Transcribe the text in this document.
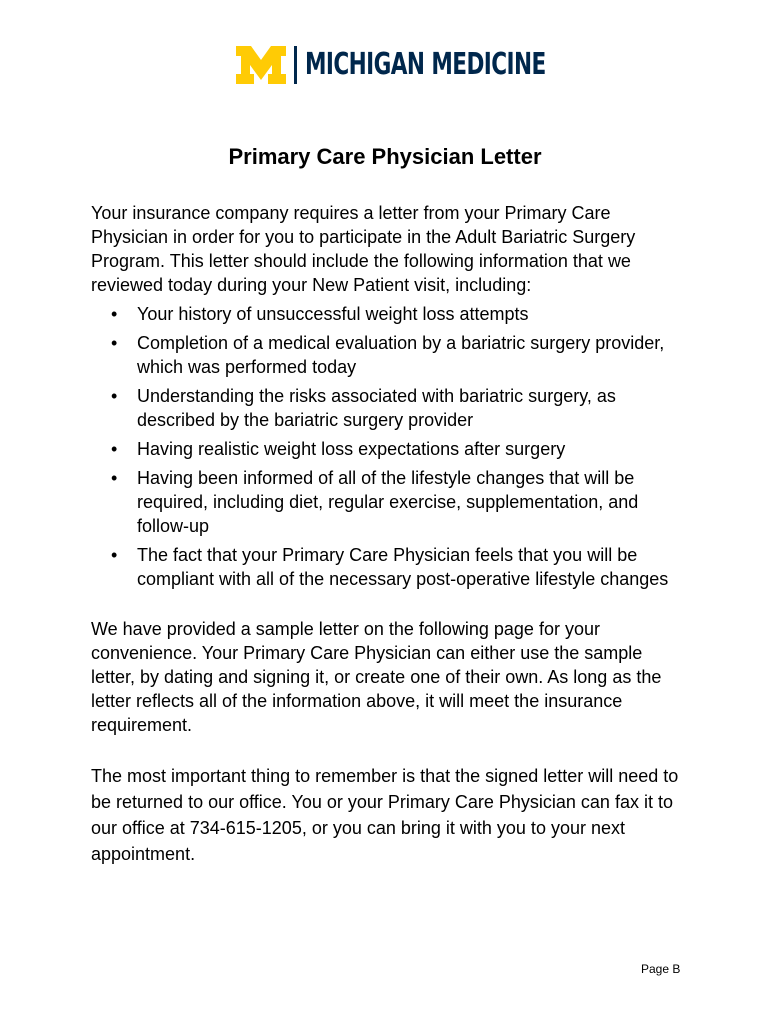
MICHIGAN MEDICINE
Primary Care Physician Letter

Your insurance company requires a letter from your Primary Care Physician in order for you to participate in the Adult Bariatric Surgery Program. This letter should include the following information that we reviewed today during your New Patient visit, including:

• Your history of unsuccessful weight loss attempts
• Completion of a medical evaluation by a bariatric surgery provider, which was performed today
• Understanding the risks associated with bariatric surgery, as described by the bariatric surgery provider
• Having realistic weight loss expectations after surgery
• Having been informed of all of the lifestyle changes that will be required, including diet, regular exercise, supplementation, and follow-up
• The fact that your Primary Care Physician feels that you will be compliant with all of the necessary post-operative lifestyle changes

We have provided a sample letter on the following page for your convenience. Your Primary Care Physician can either use the sample letter, by dating and signing it, or create one of their own. As long as the letter reflects all of the information above, it will meet the insurance requirement.

The most important thing to remember is that the signed letter will need to be returned to our office. You or your Primary Care Physician can fax it to our office at 734-615-1205, or you can bring it with you to your next appointment.

Page B
